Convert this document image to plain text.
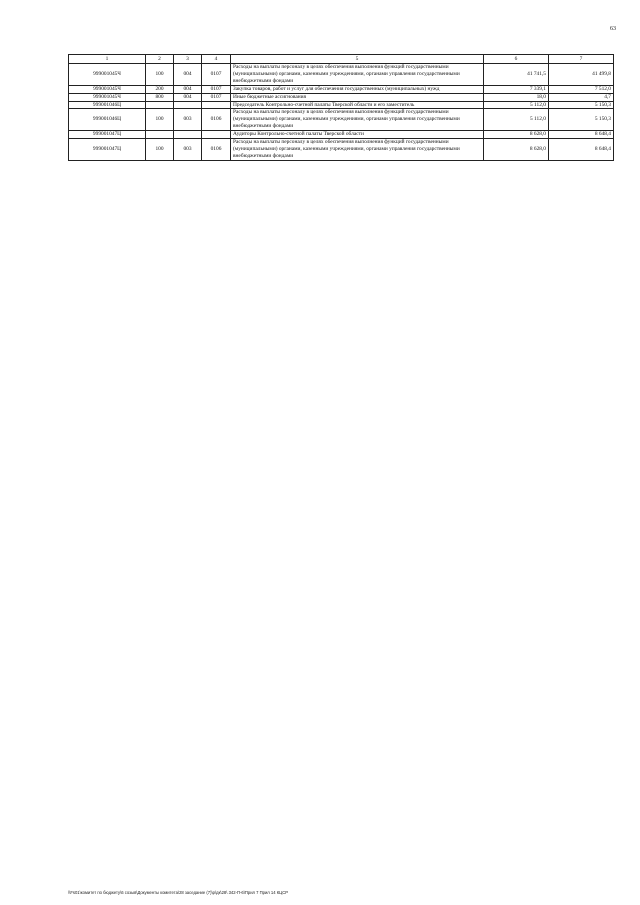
63
1	2	3	4	5	6	7
999001045Ч	100	004	0107	Расходы на выплаты персоналу в целях обеспечения выполнения функций государственными (муниципальными) органами, казенными учреждениями, органами управления государственными внебюджетными фондами	41 741,5	41 499,8
999001045Ч	200	004	0107	Закупка товаров, работ и услуг для обеспечения государственных (муниципальных) нужд	7 339,1	7 512,0
999001045Ч	800	004	0107	Иные бюджетные ассигнования	18,0	4,7
999001046Ц				Председатель Контрольно-счетной палаты Тверской области и его заместитель	5 112,0	5 150,3
999001046Ц	100	003	0106	Расходы на выплаты персоналу в целях обеспечения выполнения функций государственными (муниципальными) органами, казенными учреждениями, органами управления государственными внебюджетными фондами	5 112,0	5 150,3
999001047Ц				Аудиторы Контрольно-счетной палаты Тверской области	8 628,0	8 648,4
999001047Ц	100	003	0106	Расходы на выплаты персоналу в целях обеспечения выполнения функций государственными (муниципальными) органами, казенными учреждениями, органами управления государственными внебюджетными фондами	8 628,0	8 648,4
\\Fs01\комитет по бюджету\6 созыв\Документы комитета\28 заседание (7)\р\дк\28\ 342-П-6\Прил 7 Прил 14 КЦСР
